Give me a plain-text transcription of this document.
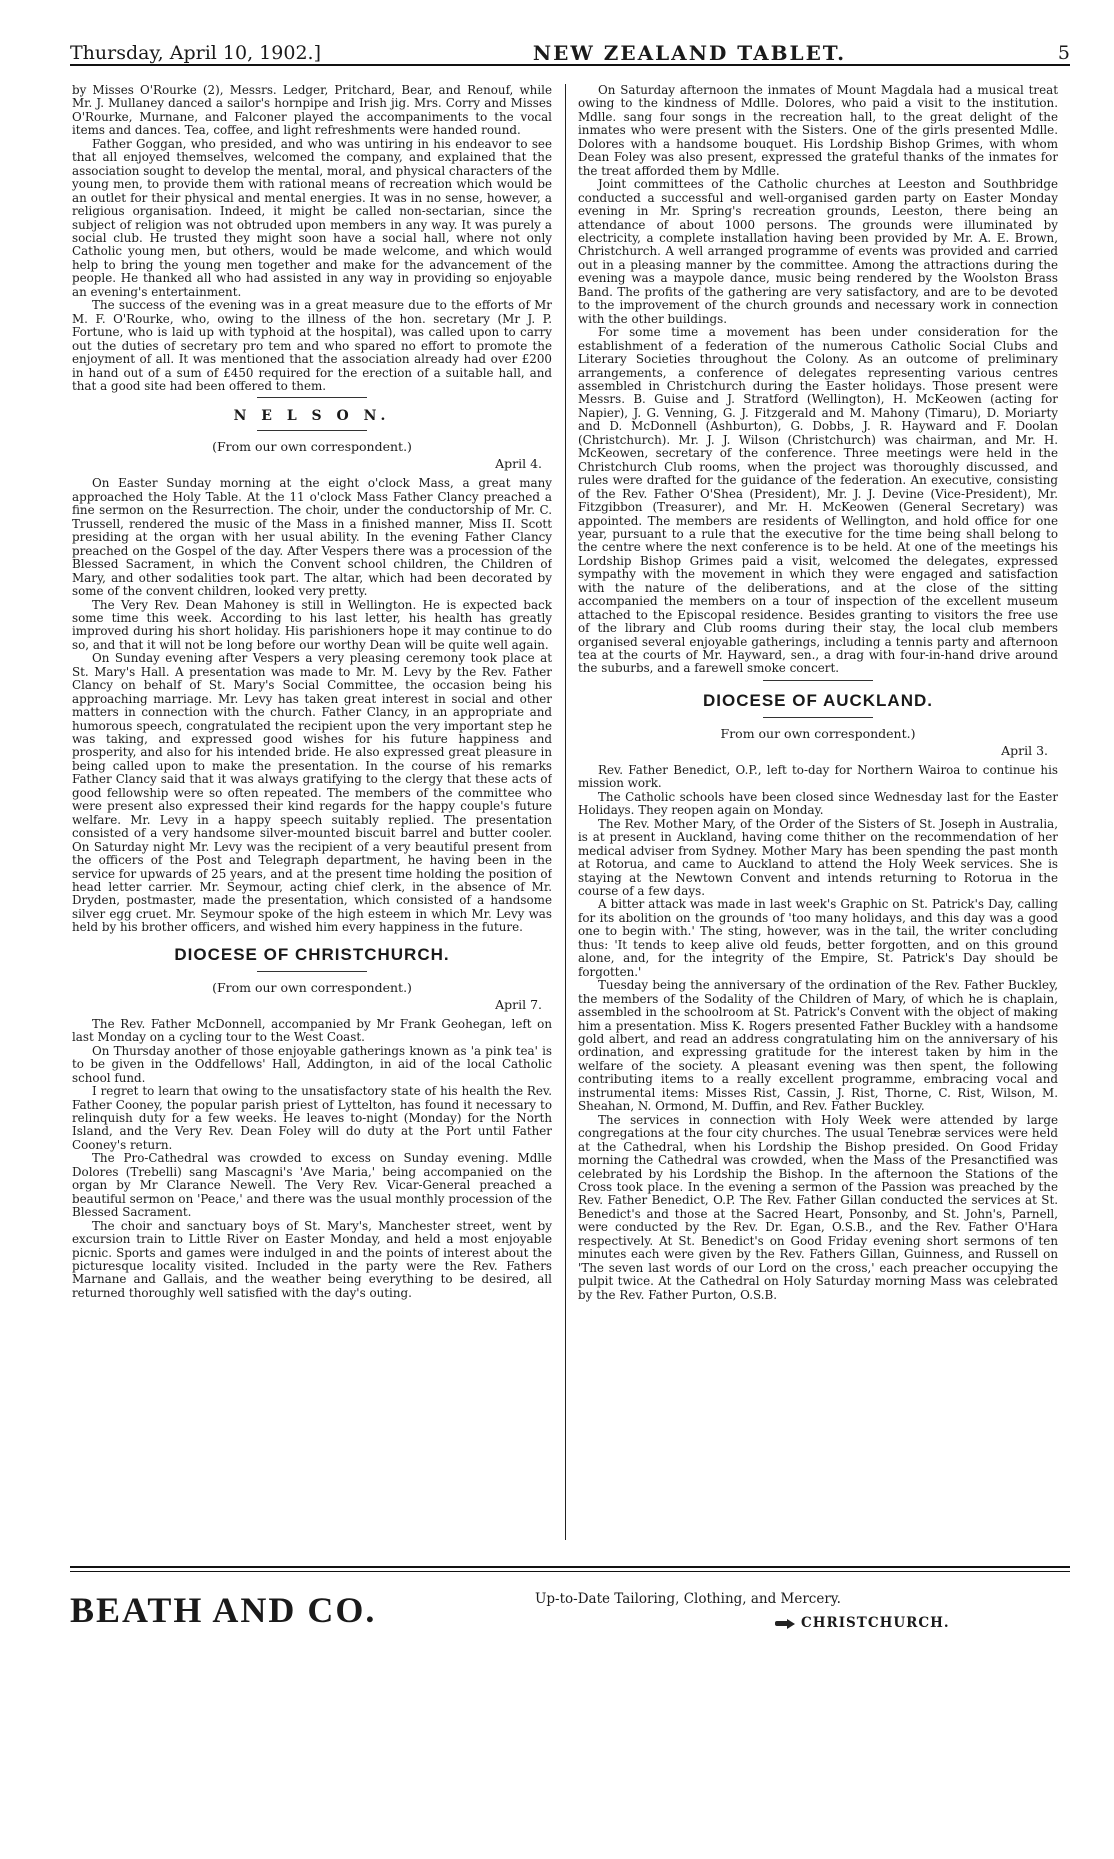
Thursday, April 10, 1902.]	NEW ZEALAND TABLET.	5

by Misses O'Rourke (2), Messrs. Ledger, Pritchard, Bear, and Renouf, while Mr. J. Mullaney danced a sailor's hornpipe and Irish jig. Mrs. Corry and Misses O'Rourke, Murnane, and Falconer played the accompaniments to the vocal items and dances. Tea, coffee, and light refreshments were handed round.

Father Goggan, who presided, and who was untiring in his endeavor to see that all enjoyed themselves, welcomed the company, and explained that the association sought to develop the mental, moral, and physical characters of the young men, to provide them with rational means of recreation which would be an outlet for their physical and mental energies. It was in no sense, however, a religious organisation. Indeed, it might be called non-sectarian, since the subject of religion was not obtruded upon members in any way. It was purely a social club. He trusted they might soon have a social hall, where not only Catholic young men, but others, would be made welcome, and which would help to bring the young men together and make for the advancement of the people. He thanked all who had assisted in any way in providing so enjoyable an evening's entertainment.

The success of the evening was in a great measure due to the efforts of Mr M. F. O'Rourke, who, owing to the illness of the hon. secretary (Mr J. P. Fortune, who is laid up with typhoid at the hospital), was called upon to carry out the duties of secretary pro tem and who spared no effort to promote the enjoyment of all. It was mentioned that the association already had over £200 in hand out of a sum of £450 required for the erection of a suitable hall, and that a good site had been offered to them.

N E L S O N.

(From our own correspondent.)

April 4.

On Easter Sunday morning at the eight o'clock Mass, a great many approached the Holy Table. At the 11 o'clock Mass Father Clancy preached a fine sermon on the Resurrection. The choir, under the conductorship of Mr. C. Trussell, rendered the music of the Mass in a finished manner, Miss II. Scott presiding at the organ with her usual ability. In the evening Father Clancy preached on the Gospel of the day. After Vespers there was a procession of the Blessed Sacrament, in which the Convent school children, the Children of Mary, and other sodalities took part. The altar, which had been decorated by some of the convent children, looked very pretty.

The Very Rev. Dean Mahoney is still in Wellington. He is expected back some time this week. According to his last letter, his health has greatly improved during his short holiday. His parishioners hope it may continue to do so, and that it will not be long before our worthy Dean will be quite well again.

On Sunday evening after Vespers a very pleasing ceremony took place at St. Mary's Hall. A presentation was made to Mr. M. Levy by the Rev. Father Clancy on behalf of St. Mary's Social Committee, the occasion being his approaching marriage. Mr. Levy has taken great interest in social and other matters in connection with the church. Father Clancy, in an appropriate and humorous speech, congratulated the recipient upon the very important step he was taking, and expressed good wishes for his future happiness and prosperity, and also for his intended bride. He also expressed great pleasure in being called upon to make the presentation. In the course of his remarks Father Clancy said that it was always gratifying to the clergy that these acts of good fellowship were so often repeated. The members of the committee who were present also expressed their kind regards for the happy couple's future welfare. Mr. Levy in a happy speech suitably replied. The presentation consisted of a very handsome silver-mounted biscuit barrel and butter cooler. On Saturday night Mr. Levy was the recipient of a very beautiful present from the officers of the Post and Telegraph department, he having been in the service for upwards of 25 years, and at the present time holding the position of head letter carrier. Mr. Seymour, acting chief clerk, in the absence of Mr. Dryden, postmaster, made the presentation, which consisted of a handsome silver egg cruet. Mr. Seymour spoke of the high esteem in which Mr. Levy was held by his brother officers, and wished him every happiness in the future.

DIOCESE OF CHRISTCHURCH.

(From our own correspondent.)

April 7.

The Rev. Father McDonnell, accompanied by Mr Frank Geohegan, left on last Monday on a cycling tour to the West Coast.

On Thursday another of those enjoyable gatherings known as 'a pink tea' is to be given in the Oddfellows' Hall, Addington, in aid of the local Catholic school fund.

I regret to learn that owing to the unsatisfactory state of his health the Rev. Father Cooney, the popular parish priest of Lyttelton, has found it necessary to relinquish duty for a few weeks. He leaves to-night (Monday) for the North Island, and the Very Rev. Dean Foley will do duty at the Port until Father Cooney's return.

The Pro-Cathedral was crowded to excess on Sunday evening. Mdlle Dolores (Trebelli) sang Mascagni's 'Ave Maria,' being accompanied on the organ by Mr Clarance Newell. The Very Rev. Vicar-General preached a beautiful sermon on 'Peace,' and there was the usual monthly procession of the Blessed Sacrament.

The choir and sanctuary boys of St. Mary's, Manchester street, went by excursion train to Little River on Easter Monday, and held a most enjoyable picnic. Sports and games were indulged in and the points of interest about the picturesque locality visited. Included in the party were the Rev. Fathers Marnane and Gallais, and the weather being everything to be desired, all returned thoroughly well satisfied with the day's outing.

On Saturday afternoon the inmates of Mount Magdala had a musical treat owing to the kindness of Mdlle. Dolores, who paid a visit to the institution. Mdlle. sang four songs in the recreation hall, to the great delight of the inmates who were present with the Sisters. One of the girls presented Mdlle. Dolores with a handsome bouquet. His Lordship Bishop Grimes, with whom Dean Foley was also present, expressed the grateful thanks of the inmates for the treat afforded them by Mdlle.

Joint committees of the Catholic churches at Leeston and Southbridge conducted a successful and well-organised garden party on Easter Monday evening in Mr. Spring's recreation grounds, Leeston, there being an attendance of about 1000 persons. The grounds were illuminated by electricity, a complete installation having been provided by Mr. A. E. Brown, Christchurch. A well arranged programme of events was provided and carried out in a pleasing manner by the committee. Among the attractions during the evening was a maypole dance, music being rendered by the Woolston Brass Band. The profits of the gathering are very satisfactory, and are to be devoted to the improvement of the church grounds and necessary work in connection with the other buildings.

For some time a movement has been under consideration for the establishment of a federation of the numerous Catholic Social Clubs and Literary Societies throughout the Colony. As an outcome of preliminary arrangements, a conference of delegates representing various centres assembled in Christchurch during the Easter holidays. Those present were Messrs. B. Guise and J. Stratford (Wellington), H. McKeowen (acting for Napier), J. G. Venning, G. J. Fitzgerald and M. Mahony (Timaru), D. Moriarty and D. McDonnell (Ashburton), G. Dobbs, J. R. Hayward and F. Doolan (Christchurch). Mr. J. J. Wilson (Christchurch) was chairman, and Mr. H. McKeowen, secretary of the conference. Three meetings were held in the Christchurch Club rooms, when the project was thoroughly discussed, and rules were drafted for the guidance of the federation. An executive, consisting of the Rev. Father O'Shea (President), Mr. J. J. Devine (Vice-President), Mr. Fitzgibbon (Treasurer), and Mr. H. McKeowen (General Secretary) was appointed. The members are residents of Wellington, and hold office for one year, pursuant to a rule that the executive for the time being shall belong to the centre where the next conference is to be held. At one of the meetings his Lordship Bishop Grimes paid a visit, welcomed the delegates, expressed sympathy with the movement in which they were engaged and satisfaction with the nature of the deliberations, and at the close of the sitting accompanied the members on a tour of inspection of the excellent museum attached to the Episcopal residence. Besides granting to visitors the free use of the library and Club rooms during their stay, the local club members organised several enjoyable gatherings, including a tennis party and afternoon tea at the courts of Mr. Hayward, sen., a drag with four-in-hand drive around the suburbs, and a farewell smoke concert.

DIOCESE OF AUCKLAND.

From our own correspondent.)

April 3.

Rev. Father Benedict, O.P., left to-day for Northern Wairoa to continue his mission work.

The Catholic schools have been closed since Wednesday last for the Easter Holidays. They reopen again on Monday.

The Rev. Mother Mary, of the Order of the Sisters of St. Joseph in Australia, is at present in Auckland, having come thither on the recommendation of her medical adviser from Sydney. Mother Mary has been spending the past month at Rotorua, and came to Auckland to attend the Holy Week services. She is staying at the Newtown Convent and intends returning to Rotorua in the course of a few days.

A bitter attack was made in last week's Graphic on St. Patrick's Day, calling for its abolition on the grounds of 'too many holidays, and this day was a good one to begin with.' The sting, however, was in the tail, the writer concluding thus: 'It tends to keep alive old feuds, better forgotten, and on this ground alone, and, for the integrity of the Empire, St. Patrick's Day should be forgotten.'

Tuesday being the anniversary of the ordination of the Rev. Father Buckley, the members of the Sodality of the Children of Mary, of which he is chaplain, assembled in the schoolroom at St. Patrick's Convent with the object of making him a presentation. Miss K. Rogers presented Father Buckley with a handsome gold albert, and read an address congratulating him on the anniversary of his ordination, and expressing gratitude for the interest taken by him in the welfare of the society. A pleasant evening was then spent, the following contributing items to a really excellent programme, embracing vocal and instrumental items: Misses Rist, Cassin, J. Rist, Thorne, C. Rist, Wilson, M. Sheahan, N. Ormond, M. Duffin, and Rev. Father Buckley.

The services in connection with Holy Week were attended by large congregations at the four city churches. The usual Tenebræ services were held at the Cathedral, when his Lordship the Bishop presided. On Good Friday morning the Cathedral was crowded, when the Mass of the Presanctified was celebrated by his Lordship the Bishop. In the afternoon the Stations of the Cross took place. In the evening a sermon of the Passion was preached by the Rev. Father Benedict, O.P. The Rev. Father Gillan conducted the services at St. Benedict's and those at the Sacred Heart, Ponsonby, and St. John's, Parnell, were conducted by the Rev. Dr. Egan, O.S.B., and the Rev. Father O'Hara respectively. At St. Benedict's on Good Friday evening short sermons of ten minutes each were given by the Rev. Fathers Gillan, Guinness, and Russell on 'The seven last words of our Lord on the cross,' each preacher occupying the pulpit twice. At the Cathedral on Holy Saturday morning Mass was celebrated by the Rev. Father Purton, O.S.B.

BEATH AND CO.	Up-to-Date Tailoring, Clothing, and Mercery.
CHRISTCHURCH.
